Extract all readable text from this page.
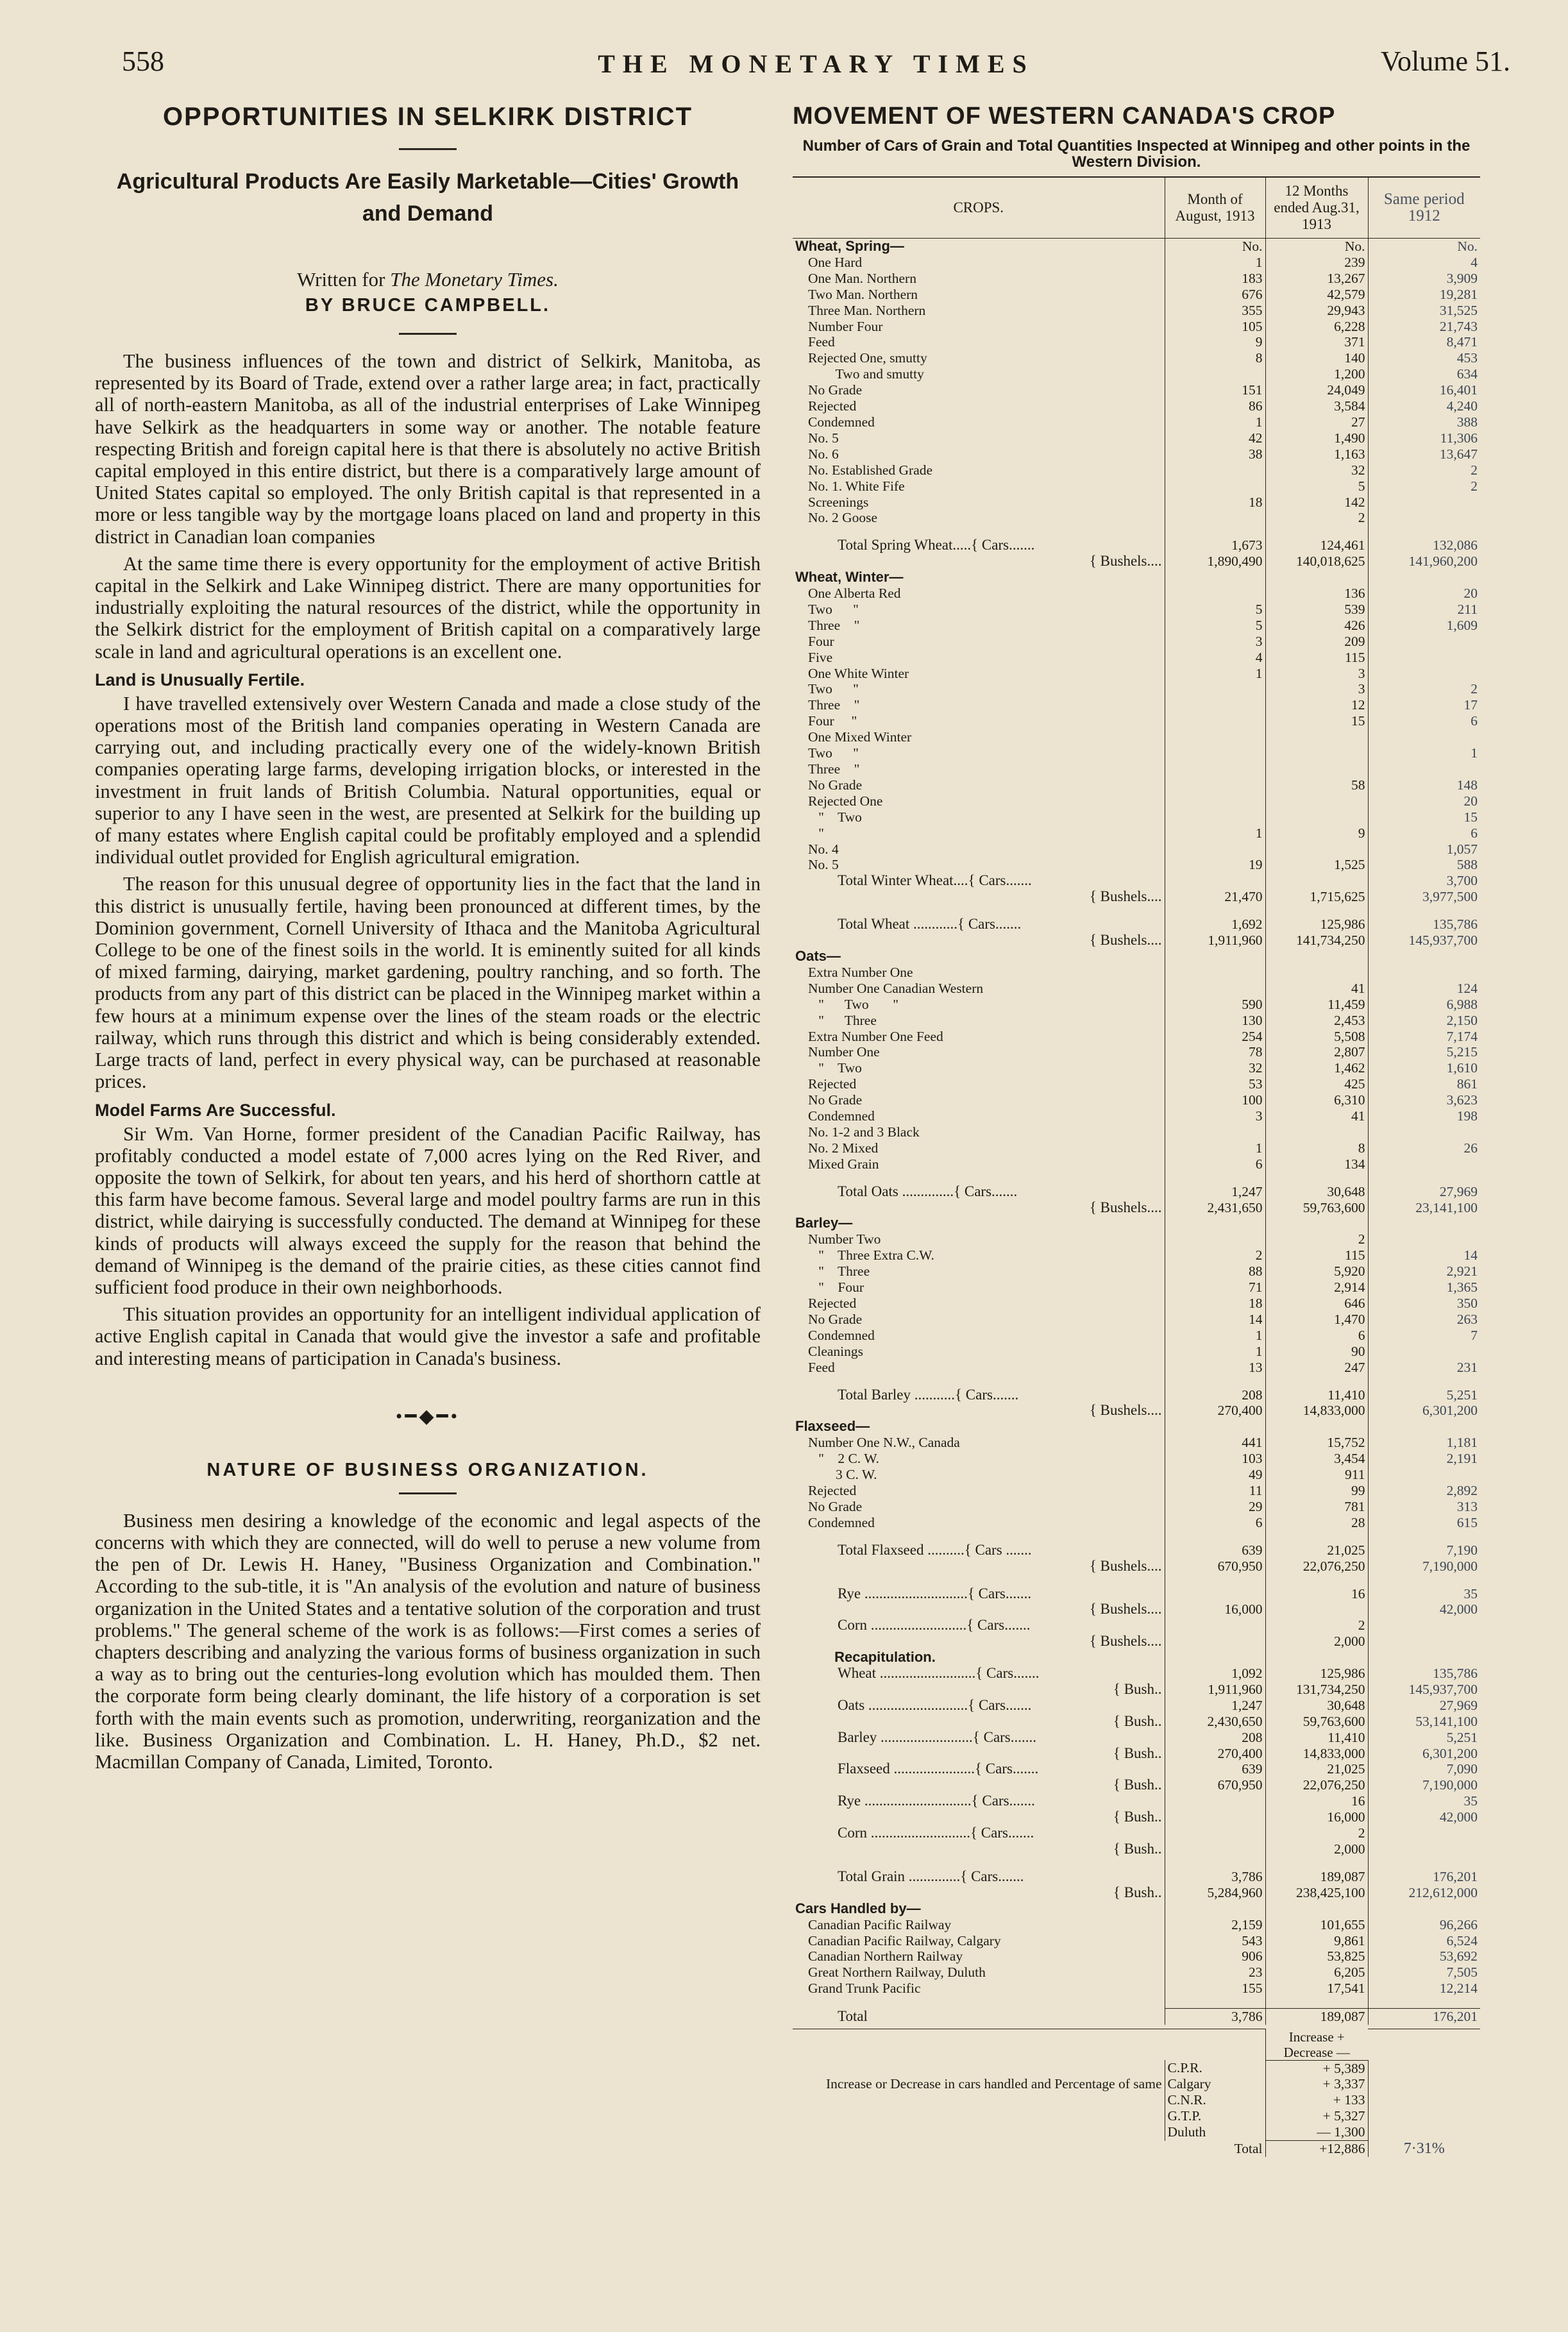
558	THE MONETARY TIMES	Volume 51.
OPPORTUNITIES IN SELKIRK DISTRICT
Agricultural Products Are Easily Marketable—Cities' Growth and Demand
Written for The Monetary Times.
BY BRUCE CAMPBELL.

The business influences of the town and district of Selkirk, Manitoba, as represented by its Board of Trade, extend over a rather large area; in fact, practically all of north-eastern Manitoba, as all of the industrial enterprises of Lake Winnipeg have Selkirk as the headquarters in some way or another. The notable feature respecting British and foreign capital here is that there is absolutely no active British capital employed in this entire district, but there is a comparatively large amount of United States capital so employed. The only British capital is that represented in a more or less tangible way by the mortgage loans placed on land and property in this district in Canadian loan companies

At the same time there is every opportunity for the employment of active British capital in the Selkirk and Lake Winnipeg district. There are many opportunities for industrially exploiting the natural resources of the district, while the opportunity in the Selkirk district for the employment of British capital on a comparatively large scale in land and agricultural operations is an excellent one.

Land is Unusually Fertile.

I have travelled extensively over Western Canada and made a close study of the operations most of the British land companies operating in Western Canada are carrying out, and including practically every one of the widely-known British companies operating large farms, developing irrigation blocks, or interested in the investment in fruit lands of British Columbia. Natural opportunities, equal or superior to any I have seen in the west, are presented at Selkirk for the building up of many estates where English capital could be profitably employed and a splendid individual outlet provided for English agricultural emigration.

The reason for this unusual degree of opportunity lies in the fact that the land in this district is unusually fertile, having been pronounced at different times, by the Dominion government, Cornell University of Ithaca and the Manitoba Agricultural College to be one of the finest soils in the world. It is eminently suited for all kinds of mixed farming, dairying, market gardening, poultry ranching, and so forth. The products from any part of this district can be placed in the Winnipeg market within a few hours at a minimum expense over the lines of the steam roads or the electric railway, which runs through this district and which is being considerably extended. Large tracts of land, perfect in every physical way, can be purchased at reasonable prices.

Model Farms Are Successful.

Sir Wm. Van Horne, former president of the Canadian Pacific Railway, has profitably conducted a model estate of 7,000 acres lying on the Red River, and opposite the town of Selkirk, for about ten years, and his herd of shorthorn cattle at this farm have become famous. Several large and model poultry farms are run in this district, while dairying is successfully conducted. The demand at Winnipeg for these kinds of products will always exceed the supply for the reason that behind the demand of Winnipeg is the demand of the prairie cities, as these cities cannot find sufficient food produce in their own neighborhoods.

This situation provides an opportunity for an intelligent individual application of active English capital in Canada that would give the investor a safe and profitable and interesting means of participation in Canada's business.

•━◆━•
NATURE OF BUSINESS ORGANIZATION.

Business men desiring a knowledge of the economic and legal aspects of the concerns with which they are connected, will do well to peruse a new volume from the pen of Dr. Lewis H. Haney, "Business Organization and Combination." According to the sub-title, it is "An analysis of the evolution and nature of business organization in the United States and a tentative solution of the corporation and trust problems." The general scheme of the work is as follows:—First comes a series of chapters describing and analyzing the various forms of business organization in such a way as to bring out the centuries-long evolution which has moulded them. Then the corporate form being clearly dominant, the life history of a corporation is set forth with the main events such as promotion, underwriting, reorganization and the like. Business Organization and Combination. L. H. Haney, Ph.D., $2 net. Macmillan Company of Canada, Limited, Toronto.

MOVEMENT OF WESTERN CANADA'S CROP
Number of Cars of Grain and Total Quantities Inspected at Winnipeg and other points in the Western Division.
CROPS.	Month of August, 1913	12 Months ended Aug.31, 1913	Same period 1912
Wheat, Spring—	No.	No.	No.
One Hard	1	239	4
One Man. Northern	183	13,267	3,909
Two Man. Northern	676	42,579	19,281
Three Man. Northern	355	29,943	31,525
Number Four	105	6,228	21,743
Feed	9	371	8,471
Rejected One, smutty	8	140	453
Two and smutty		1,200	634
No Grade	151	24,049	16,401
Rejected	86	3,584	4,240
Condemned	1	27	388
No. 5	42	1,490	11,306
No. 6	38	1,163	13,647
No. Established Grade		32	2
No. 1. White Fife		5	2
Screenings	18	142	
No. 2 Goose		2	

Total Spring Wheat.....{ Cars.......	1,673	124,461	132,086
{ Bushels....	1,890,490	140,018,625	141,960,200
Wheat, Winter—			
One Alberta Red		136	20
Two      "	5	539	211
Three    "	5	426	1,609
Four	3	209	
Five	4	115	
One White Winter	1	3	
Two      "		3	2
Three    "		12	17
Four     "		15	6
One Mixed Winter			
Two      "			1
Three    "			
No Grade		58	148
Rejected One			20
"    Two			15
"	1	9	6
No. 4			1,057
No. 5	19	1,525	588
Total Winter Wheat....{ Cars.......			3,700
{ Bushels....	21,470	1,715,625	3,977,500

Total Wheat ............{ Cars.......	1,692	125,986	135,786
{ Bushels....	1,911,960	141,734,250	145,937,700
Oats—			
Extra Number One			
Number One Canadian Western		41	124
"      Two       "	590	11,459	6,988
"      Three	130	2,453	2,150
Extra Number One Feed	254	5,508	7,174
Number One	78	2,807	5,215
"    Two	32	1,462	1,610
Rejected	53	425	861
No Grade	100	6,310	3,623
Condemned	3	41	198
No. 1-2 and 3 Black			
No. 2 Mixed	1	8	26
Mixed Grain	6	134	

Total Oats ..............{ Cars.......	1,247	30,648	27,969
{ Bushels....	2,431,650	59,763,600	23,141,100
Barley—			
Number Two		2	
"    Three Extra C.W.	2	115	14
"    Three	88	5,920	2,921
"    Four	71	2,914	1,365
Rejected	18	646	350
No Grade	14	1,470	263
Condemned	1	6	7
Cleanings	1	90	
Feed	13	247	231

Total Barley ...........{ Cars.......	208	11,410	5,251
{ Bushels....	270,400	14,833,000	6,301,200
Flaxseed—			
Number One N.W., Canada	441	15,752	1,181
"    2 C. W.	103	3,454	2,191
3 C. W.	49	911	
Rejected	11	99	2,892
No Grade	29	781	313
Condemned	6	28	615

Total Flaxseed ..........{ Cars .......	639	21,025	7,190
{ Bushels....	670,950	22,076,250	7,190,000

Rye ............................{ Cars.......		16	35
{ Bushels....	16,000		42,000
Corn ..........................{ Cars.......		2	
{ Bushels....		2,000	
Recapitulation.			
Wheat ..........................{ Cars.......	1,092	125,986	135,786
{ Bush..	1,911,960	131,734,250	145,937,700
Oats ...........................{ Cars.......	1,247	30,648	27,969
{ Bush..	2,430,650	59,763,600	53,141,100
Barley .........................{ Cars.......	208	11,410	5,251
{ Bush..	270,400	14,833,000	6,301,200
Flaxseed ......................{ Cars.......	639	21,025	7,090
{ Bush..	670,950	22,076,250	7,190,000
Rye .............................{ Cars.......		16	35
{ Bush..		16,000	42,000
Corn ...........................{ Cars.......		2	
{ Bush..		2,000	

Total Grain ..............{ Cars.......	3,786	189,087	176,201
{ Bush..	5,284,960	238,425,100	212,612,000
Cars Handled by—			
Canadian Pacific Railway	2,159	101,655	96,266
Canadian Pacific Railway, Calgary	543	9,861	6,524
Canadian Northern Railway	906	53,825	53,692
Great Northern Railway, Duluth	23	6,205	7,505
Grand Trunk Pacific	155	17,541	12,214

Total	3,786	189,087	176,201
		Increase + Decrease —	
	C.P.R.	+ 5,389	
Increase or Decrease in cars handled and Percentage of same	Calgary	+ 3,337	
	C.N.R.	+ 133	
	G.T.P.	+ 5,327	
	Duluth	— 1,300	
	Total	+12,886	7·31%
